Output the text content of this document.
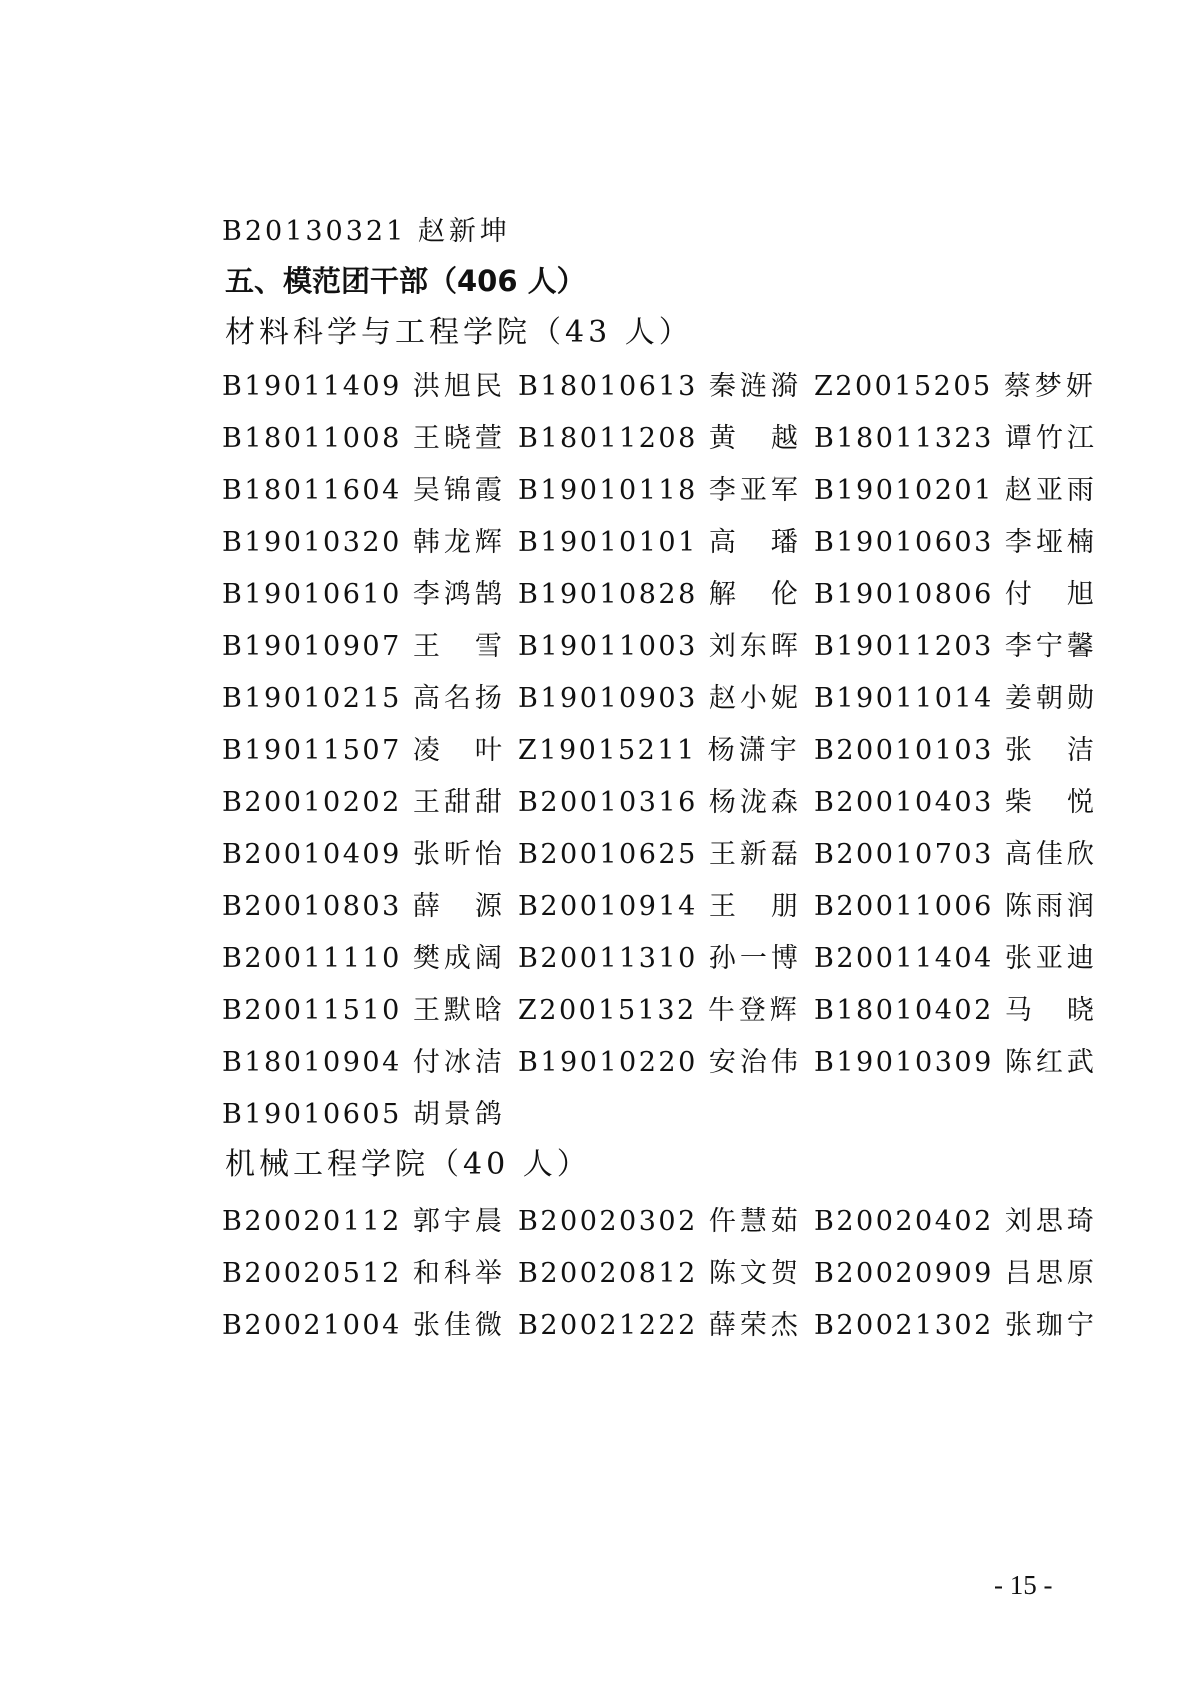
B20130321 赵新坤
五、模范团干部（406 人）
材料科学与工程学院（43 人）
B19011409 洪旭民 B18010613 秦涟漪 Z20015205 蔡梦妍
B18011008 王晓萱 B18011208 黄　越 B18011323 谭竹江
B18011604 吴锦霞 B19010118 李亚军 B19010201 赵亚雨
B19010320 韩龙辉 B19010101 高　璠 B19010603 李垭楠
B19010610 李鸿鹄 B19010828 解　伦 B19010806 付　旭
B19010907 王　雪 B19011003 刘东晖 B19011203 李宁馨
B19010215 高名扬 B19010903 赵小妮 B19011014 姜朝勋
B19011507 凌　叶 Z19015211 杨潇宇 B20010103 张　洁
B20010202 王甜甜 B20010316 杨泷森 B20010403 柴　悦
B20010409 张昕怡 B20010625 王新磊 B20010703 高佳欣
B20010803 薛　源 B20010914 王　朋 B20011006 陈雨润
B20011110 樊成阔 B20011310 孙一博 B20011404 张亚迪
B20011510 王默晗 Z20015132 牛登辉 B18010402 马　晓
B18010904 付冰洁 B19010220 安治伟 B19010309 陈红武
B19010605 胡景鸽
机械工程学院（40 人）
B20020112 郭宇晨 B20020302 仵慧茹 B20020402 刘思琦
B20020512 和科举 B20020812 陈文贺 B20020909 吕思原
B20021004 张佳微 B20021222 薛荣杰 B20021302 张珈宁
- 15 -
